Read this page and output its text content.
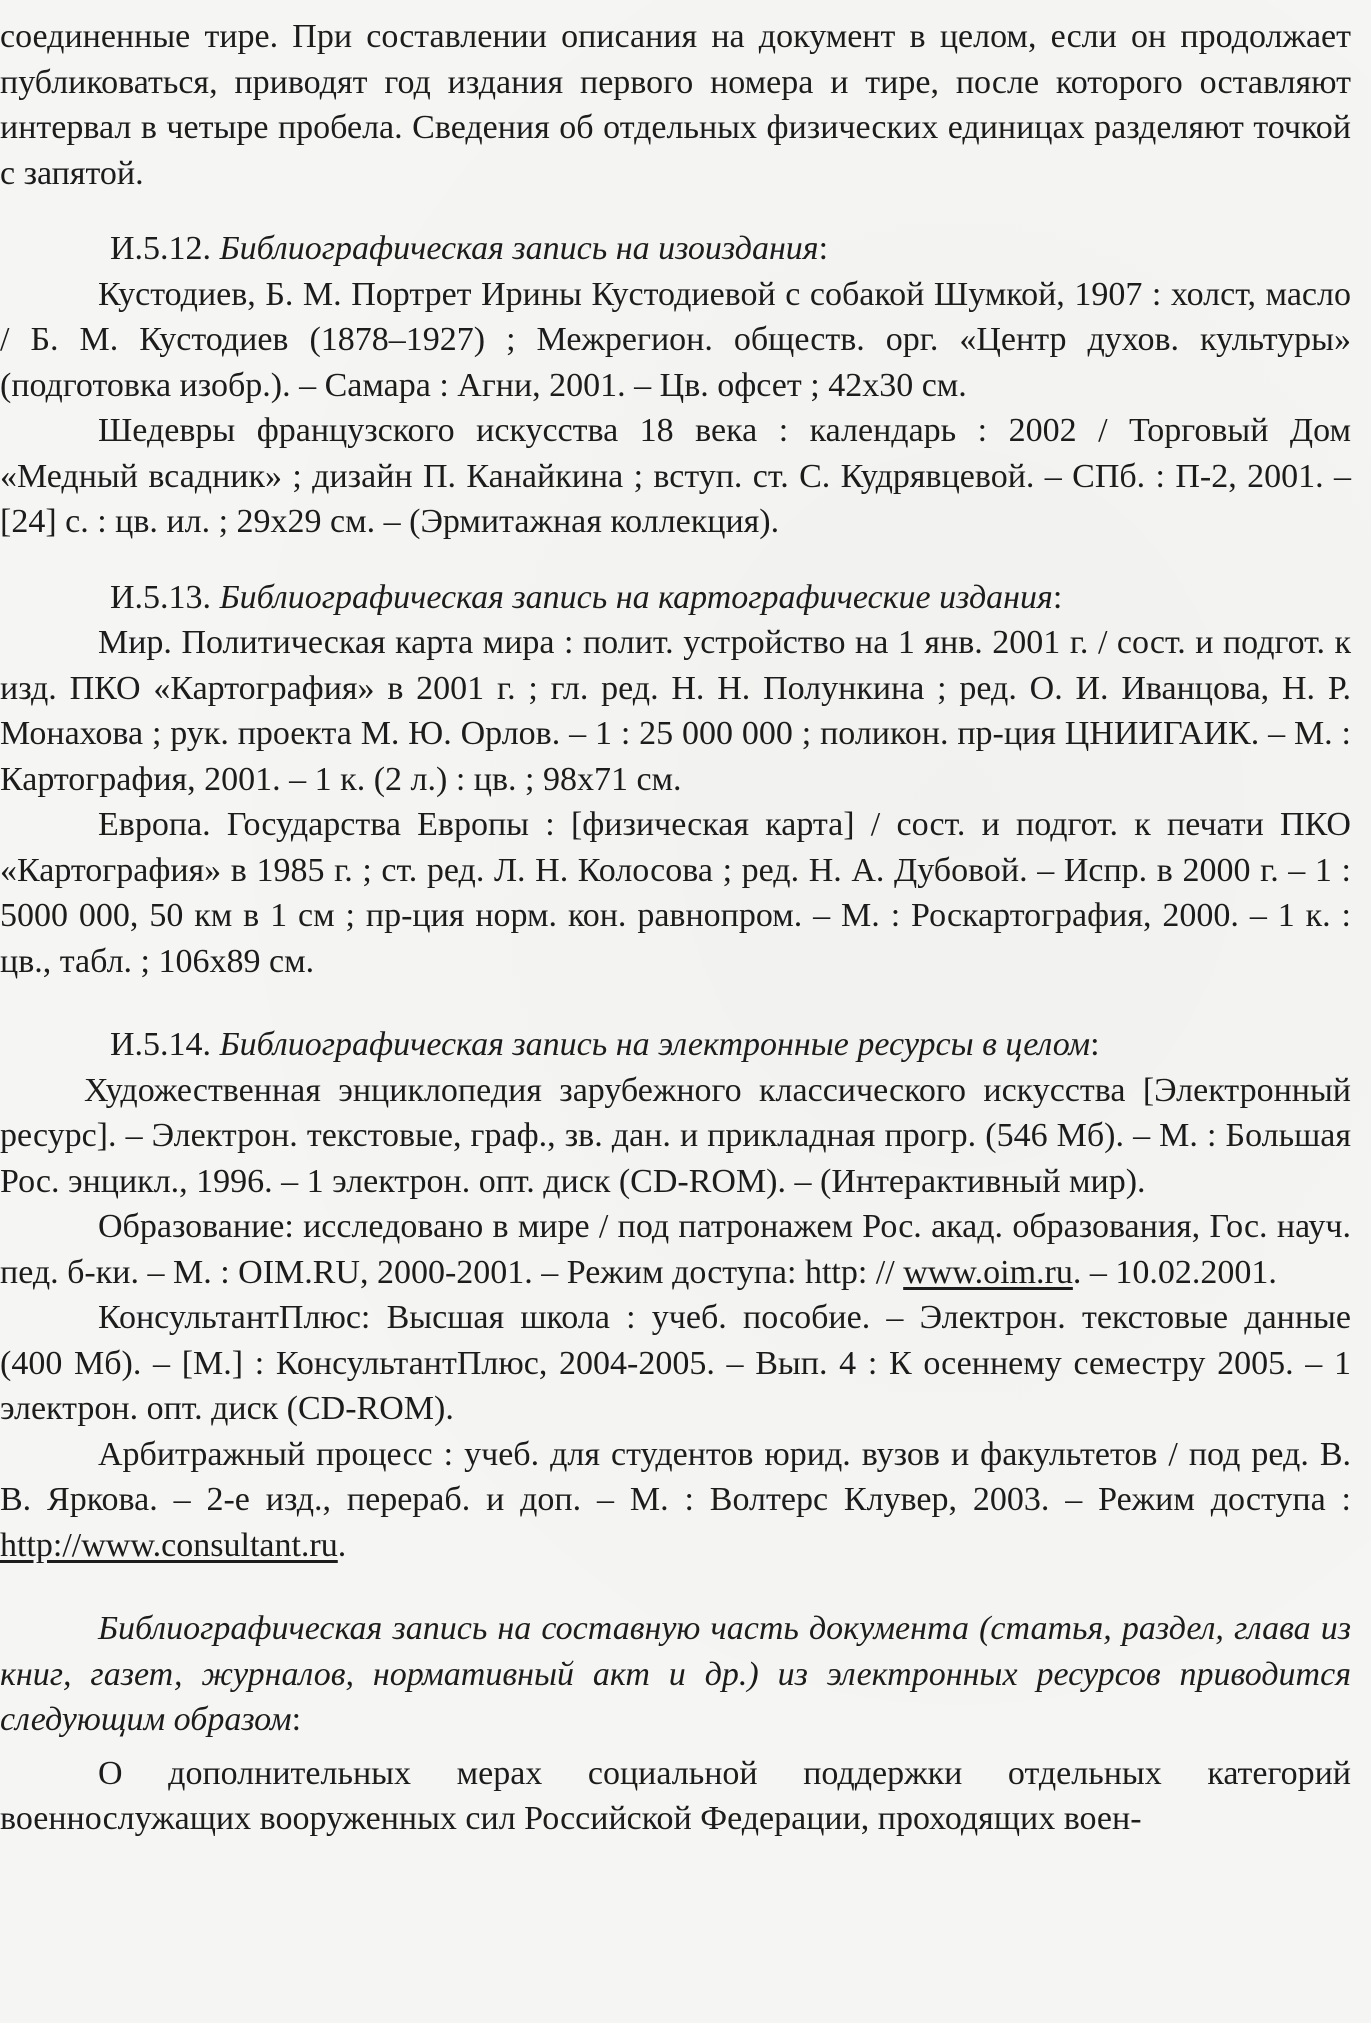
соединенные тире. При составлении описания на документ в целом, если он продолжает публиковаться, приводят год издания первого номера и тире, после которого оставляют интервал в четыре пробела. Сведения об отдельных физических единицах разделяют точкой с запятой.

И.5.12. Библиографическая запись на изоиздания:

Кустодиев, Б. М. Портрет Ирины Кустодиевой с собакой Шумкой, 1907 : холст, масло / Б. М. Кустодиев (1878–1927) ; Межрегион. обществ. орг. «Центр духов. культуры» (подготовка изобр.). – Самара : Агни, 2001. – Цв. офсет ; 42х30 см.

Шедевры французского искусства 18 века : календарь : 2002 / Торговый Дом «Медный всадник» ; дизайн П. Канайкина ; вступ. ст. С. Кудрявцевой. – СПб. : П-2, 2001. – [24] с. : цв. ил. ; 29х29 см. – (Эрмитажная коллекция).

И.5.13. Библиографическая запись на картографические издания:

Мир. Политическая карта мира : полит. устройство на 1 янв. 2001 г. / сост. и подгот. к изд. ПКО «Картография» в 2001 г. ; гл. ред. Н. Н. Полункина ; ред. О. И. Иванцова, Н. Р. Монахова ; рук. проекта М. Ю. Орлов. – 1 : 25 000 000 ; поликон. пр-ция ЦНИИГАИК. – М. : Картография, 2001. – 1 к. (2 л.) : цв. ; 98х71 см.

Европа. Государства Европы : [физическая карта] / сост. и подгот. к печати ПКО «Картография» в 1985 г. ; ст. ред. Л. Н. Колосова ; ред. Н. А. Дубовой. – Испр. в 2000 г. – 1 : 5000 000, 50 км в 1 см ; пр-ция норм. кон. равнопром. – М. : Роскартография, 2000. – 1 к. : цв., табл. ; 106х89 см.

И.5.14. Библиографическая запись на электронные ресурсы в целом:

Художественная энциклопедия зарубежного классического искусства [Электронный ресурс]. – Электрон. текстовые, граф., зв. дан. и прикладная прогр. (546 Мб). – М. : Большая Рос. энцикл., 1996. – 1 электрон. опт. диск (CD-ROM). – (Интерактивный мир).

Образование: исследовано в мире / под патронажем Рос. акад. образования, Гос. науч. пед. б-ки. – М. : OIM.RU, 2000-2001. – Режим доступа: http: // www.oim.ru. – 10.02.2001.

КонсультантПлюс: Высшая школа : учеб. пособие. – Электрон. текстовые данные (400 Мб). – [М.] : КонсультантПлюс, 2004-2005. – Вып. 4 : К осеннему семестру 2005. – 1 электрон. опт. диск (CD-ROM).

Арбитражный процесс : учеб. для студентов юрид. вузов и факультетов / под ред. В. В. Яркова. – 2-е изд., перераб. и доп. – М. : Волтерс Клувер, 2003. – Режим доступа : http://www.consultant.ru.

Библиографическая запись на составную часть документа (статья, раздел, глава из книг, газет, журналов, нормативный акт и др.) из электронных ресурсов приводится следующим образом:

О дополнительных мерах социальной поддержки отдельных категорий военнослужащих вооруженных сил Российской Федерации, проходящих воен-
